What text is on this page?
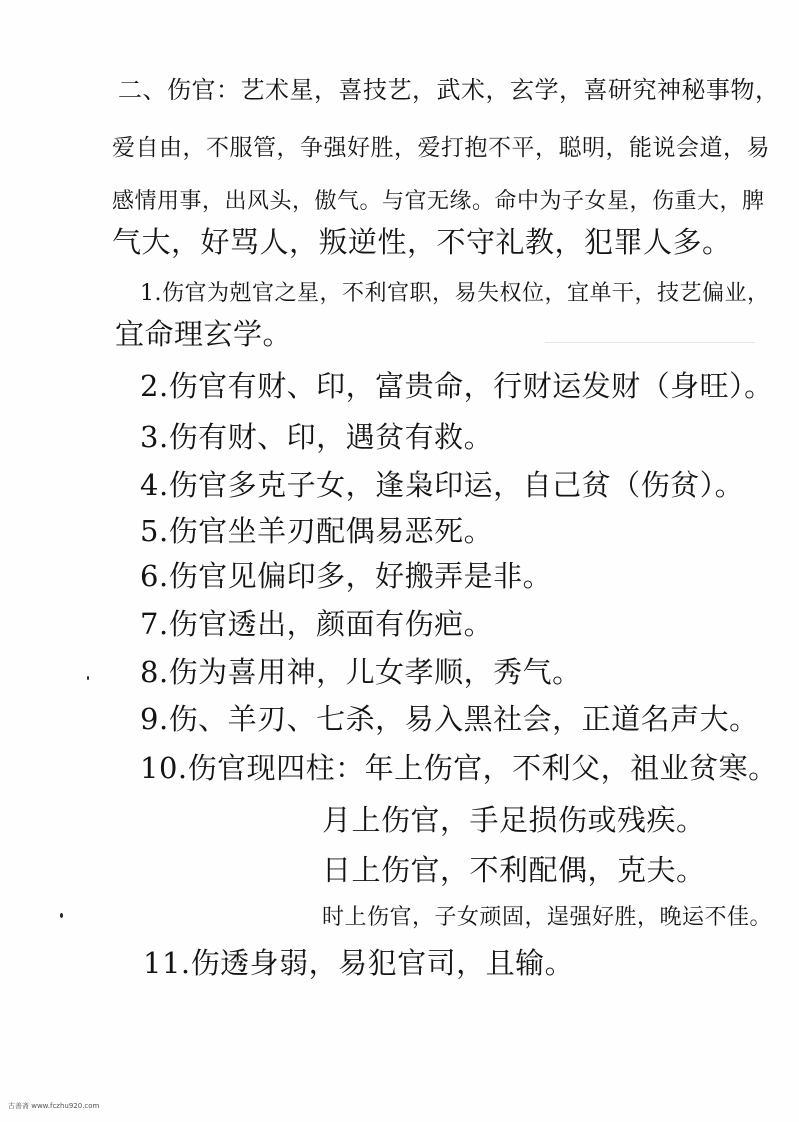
二、伤官：艺术星，喜技艺，武术，玄学，喜研究神秘事物，
爱自由，不服管，争强好胜，爱打抱不平，聪明，能说会道，易
感情用事，出风头，傲气。与官无缘。命中为子女星，伤重大，脾
气大，好骂人，叛逆性，不守礼教，犯罪人多。
1.伤官为剋官之星，不利官职，易失权位，宜单干，技艺偏业，
宜命理玄学。
2.伤官有财、印，富贵命，行财运发财（身旺）。
3.伤有财、印，遇贫有救。
4.伤官多克子女，逢枭印运，自己贫（伤贫）。
5.伤官坐羊刃配偶易恶死。
6.伤官见偏印多，好搬弄是非。
7.伤官透出，颜面有伤疤。
8.伤为喜用神，儿女孝顺，秀气。
9.伤、羊刃、七杀，易入黑社会，正道名声大。
10.伤官现四柱：年上伤官，不利父，祖业贫寒。
月上伤官，手足损伤或残疾。
日上伤官，不利配偶，克夫。
时上伤官，子女顽固，逞强好胜，晚运不佳。
11.伤透身弱，易犯官司，且输。
古善斋 www.fczhu920.com
